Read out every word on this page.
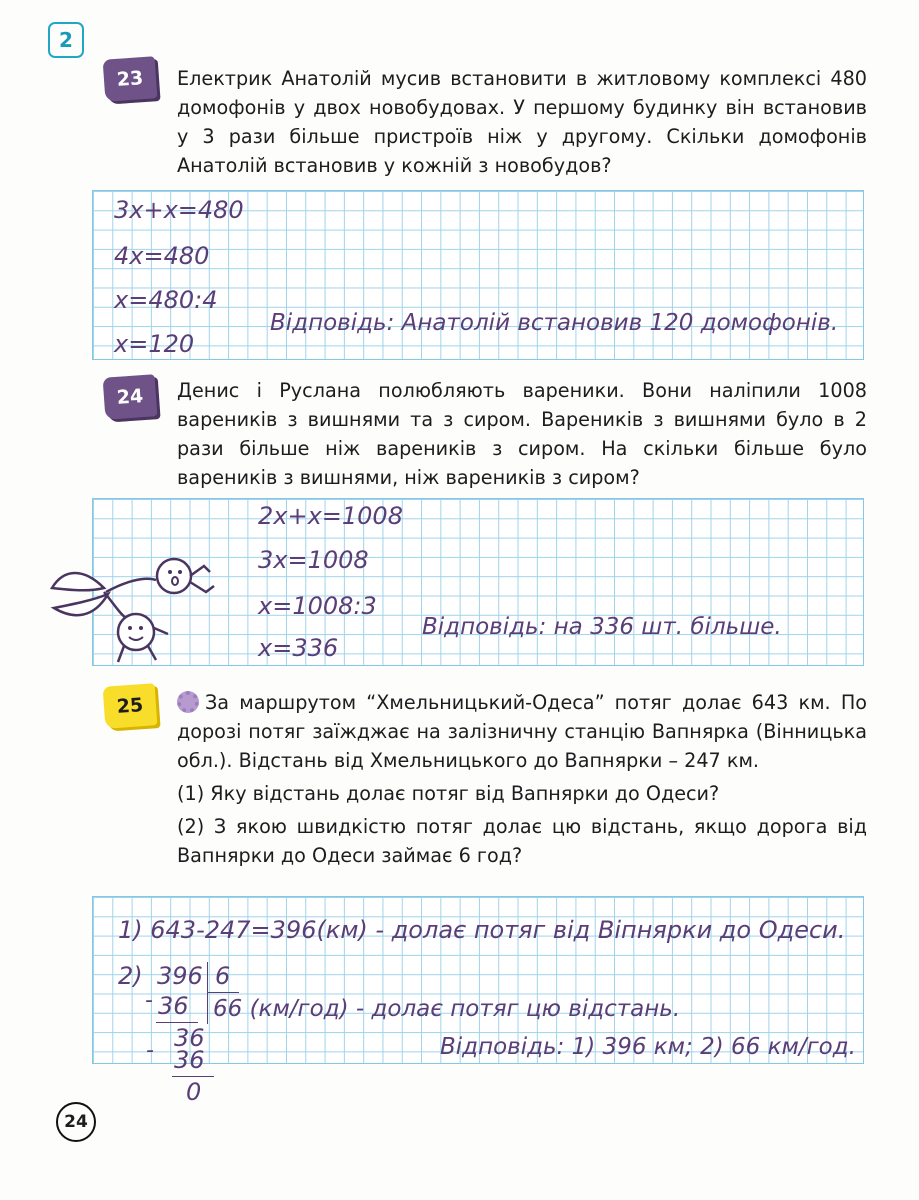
2
23	Електрик Анатолій мусив встановити в житловому комплексі 480 домофонів у двох новобудовах. У першому будинку він встановив у 3 рази більше пристроїв ніж у другому. Скільки домофонів Анатолій встановив у кожній з новобудов?

3x+x=480
4x=480
x=480:4
x=120
Відповідь: Анатолій встановив 120 домофонів.
24	Денис і Руслана полюбляють вареники. Вони наліпили 1008 вареників з вишнями та з сиром. Вареників з вишнями було в 2 рази більше ніж вареників з сиром. На скільки більше було вареників з вишнями, ніж вареників з сиром?

2x+x=1008
3x=1008
x=1008:3
x=336
Відповідь: на 336 шт. більше.
25	За маршрутом “Хмельницький-Одеса” потяг долає 643 км. По дорозі потяг заїжджає на залізничну станцію Вапнярка (Вінницька обл.). Відстань від Хмельницького до Вапнярки – 247 км.

(1) Яку відстань долає потяг від Вапнярки до Одеси?

(2) З якою швидкістю потяг долає цю відстань, якщо дорога від Вапнярки до Одеси займає 6 год?

1) 643-247=396(км) - долає потяг від Віпнярки до Одеси.
2) 396 6
- 36 66 (км/год) - долає потяг цю відстань.
36
- 36
0
Відповідь: 1) 396 км; 2) 66 км/год.
24
